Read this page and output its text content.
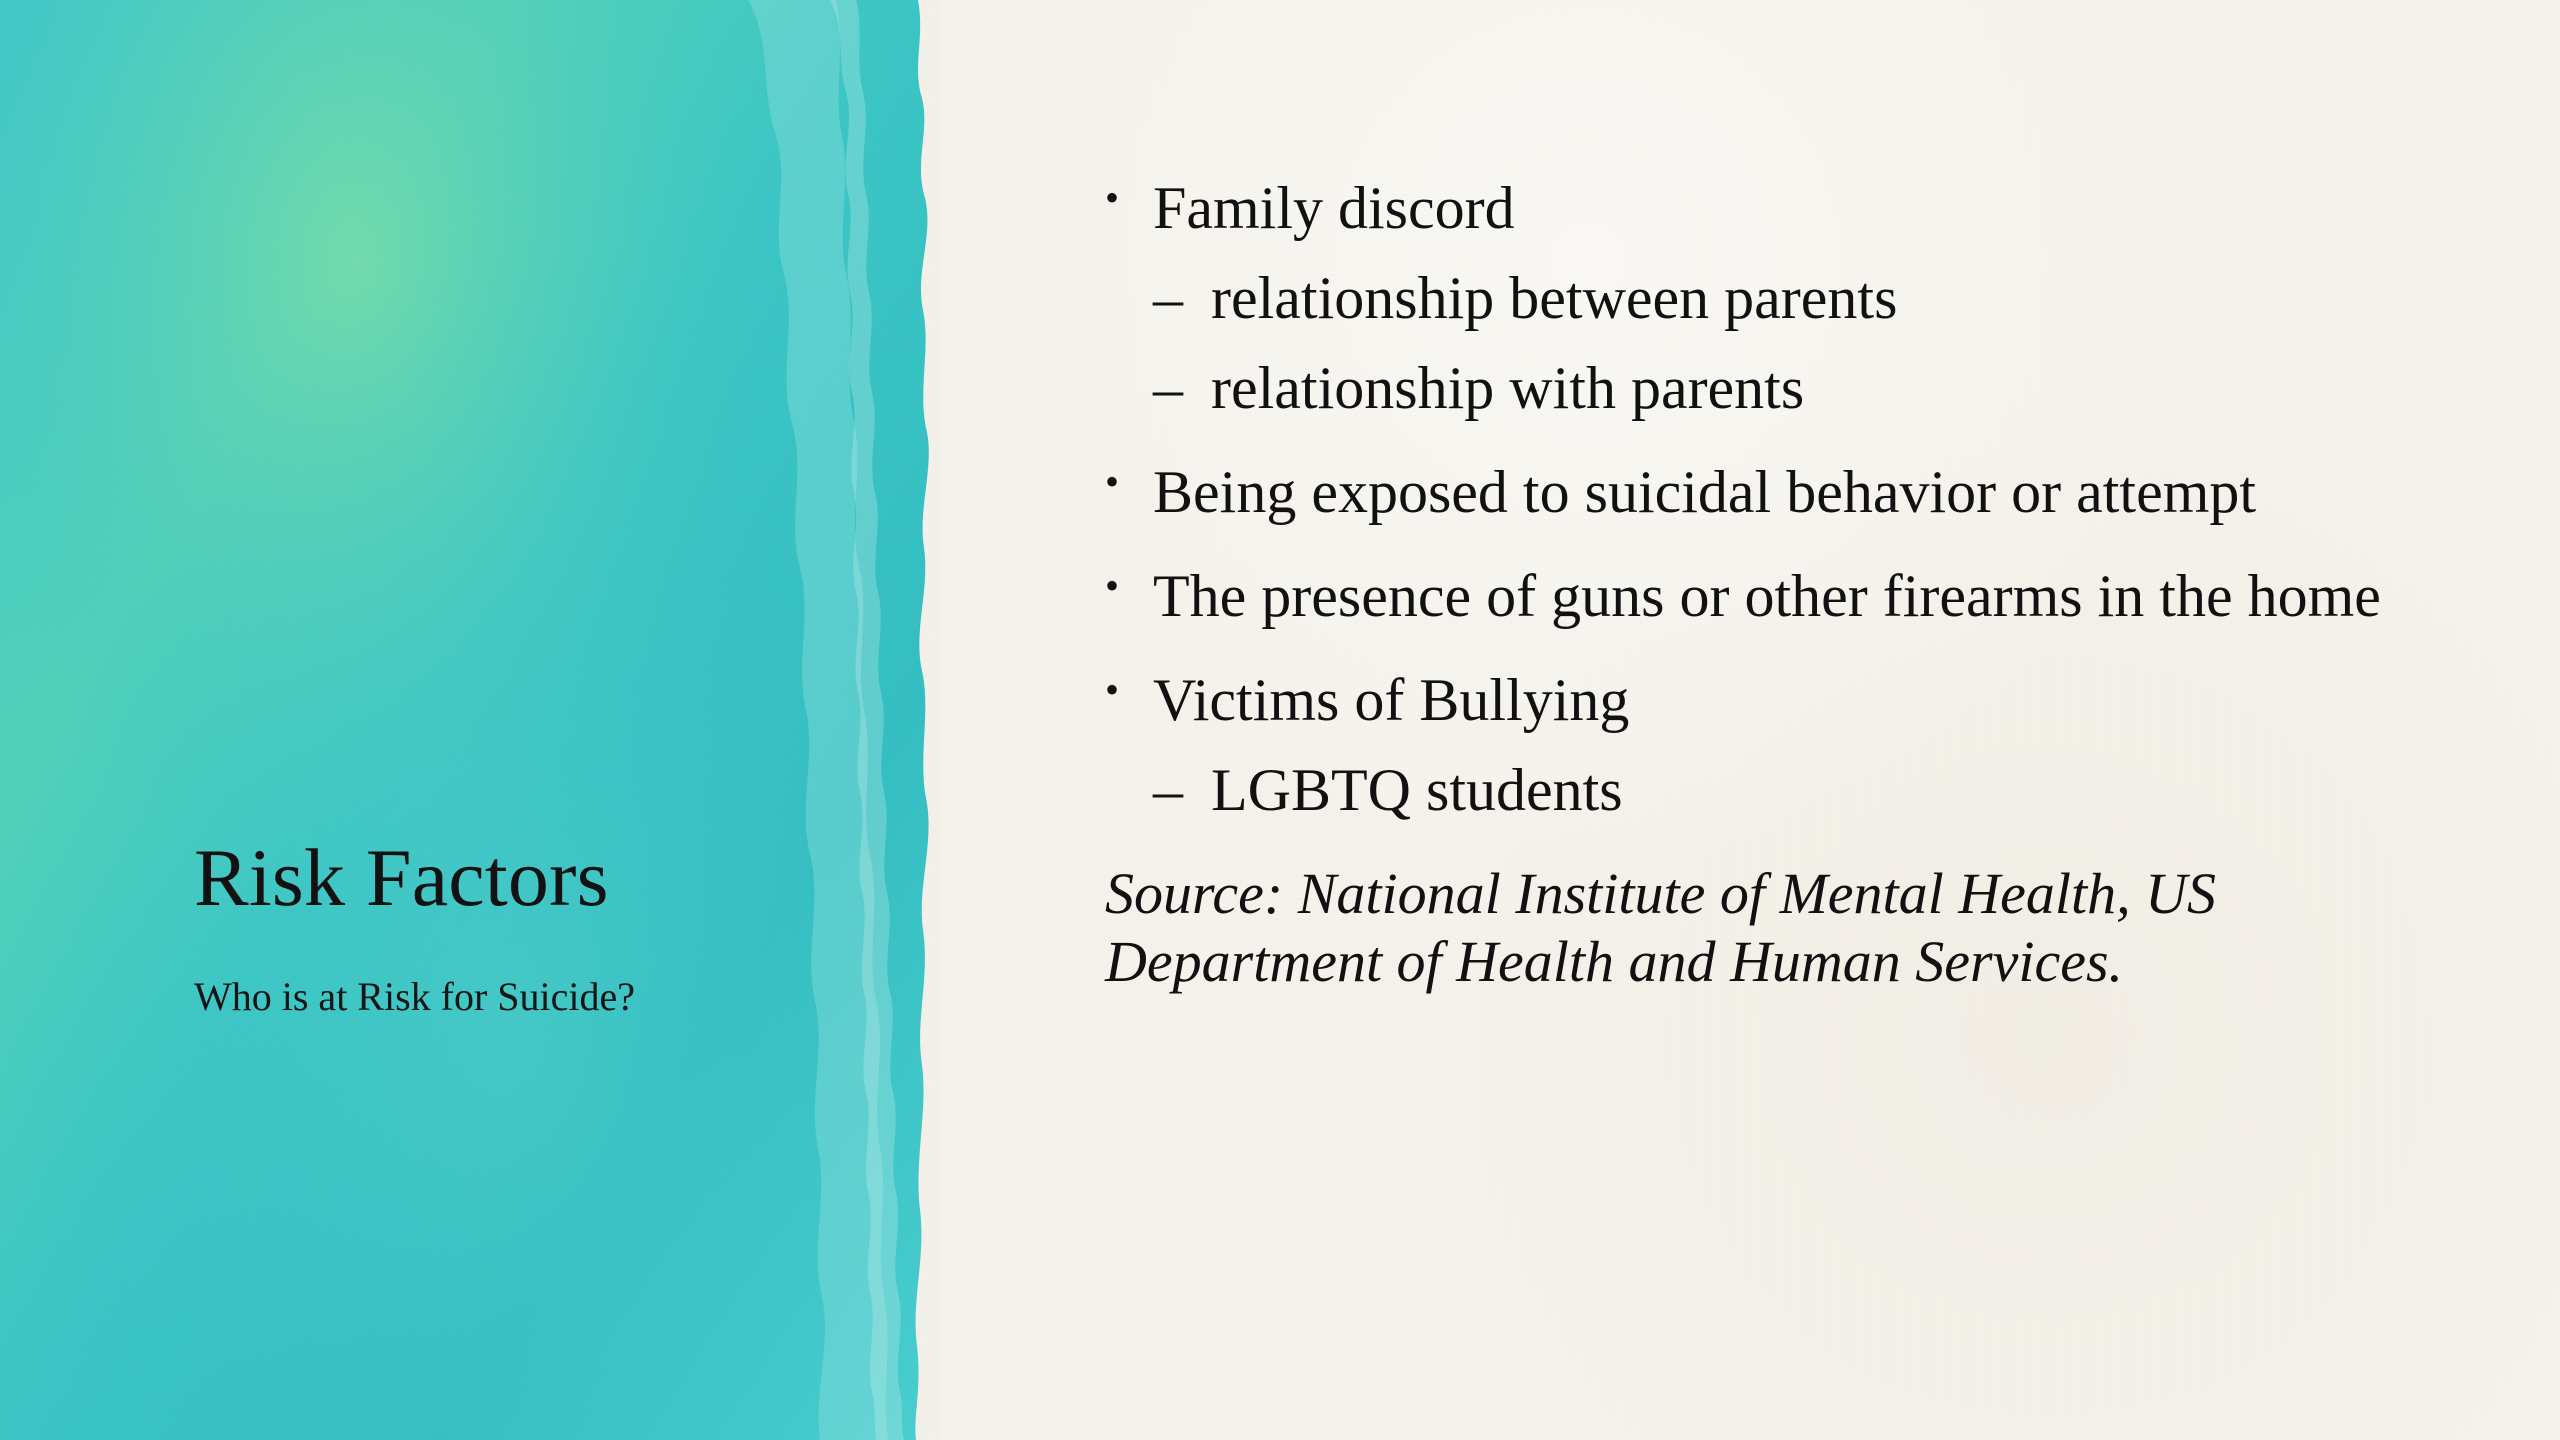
Risk Factors
Who is at Risk for Suicide?
• Family discord
– relationship between parents
– relationship with parents
• Being exposed to suicidal behavior or attempt
• The presence of guns or other firearms in the home
• Victims of Bullying
– LGBTQ students
Source: National Institute of Mental Health, US Department of Health and Human Services.
